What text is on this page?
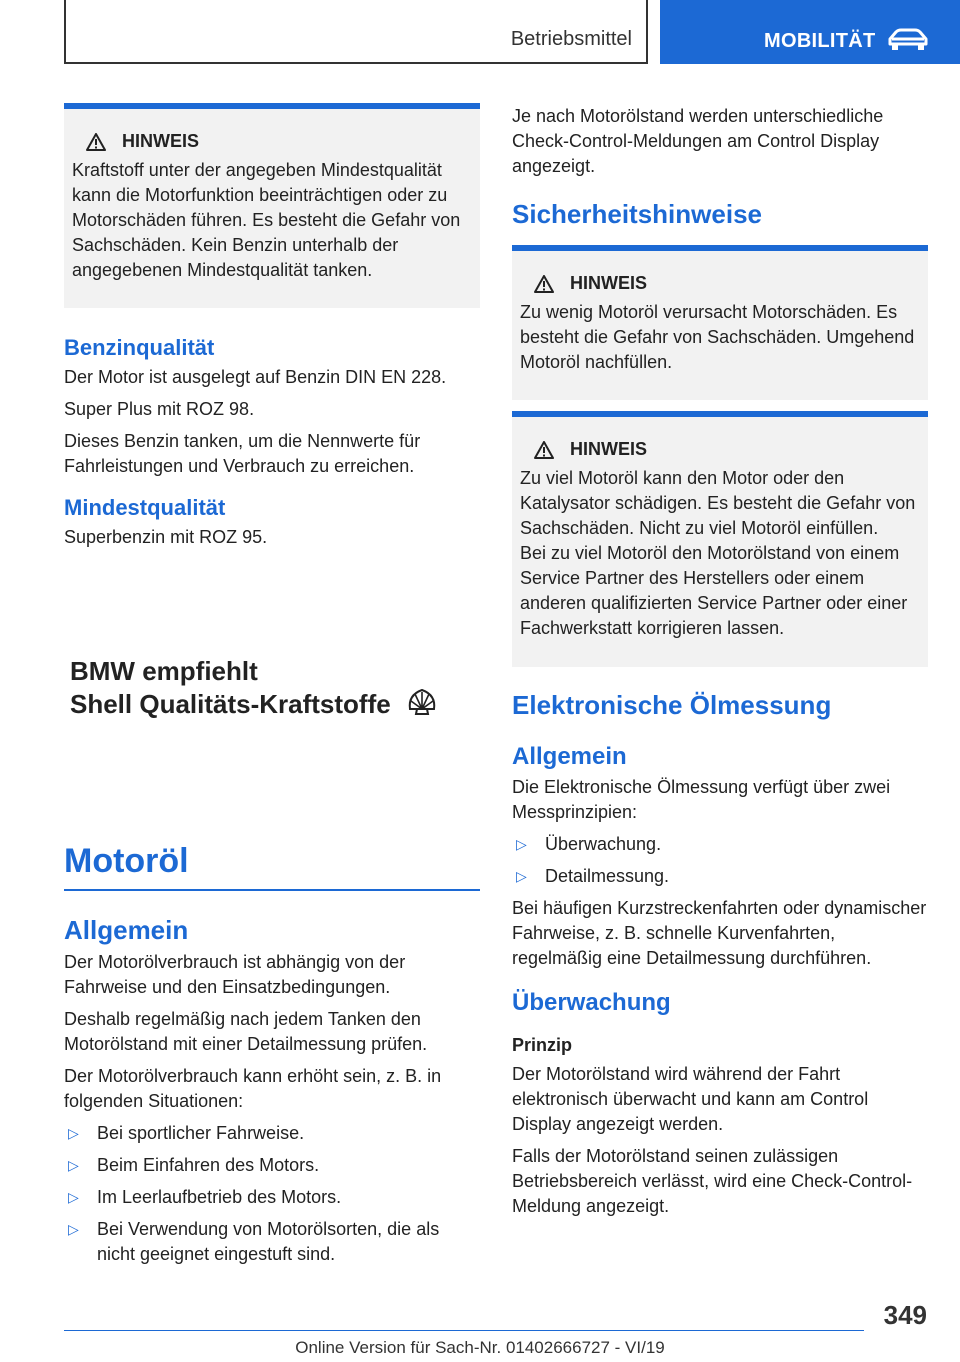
Betriebsmittel	MOBILITÄT
HINWEIS

Kraftstoff unter der angegeben Mindestqualität kann die Motorfunktion beeinträchtigen oder zu Motorschäden führen. Es besteht die Gefahr von Sachschäden. Kein Benzin unterhalb der angegebenen Mindestqualität tanken.

Benzinqualität

Der Motor ist ausgelegt auf Benzin DIN EN 228.

Super Plus mit ROZ 98.

Dieses Benzin tanken, um die Nennwerte für Fahrleistungen und Verbrauch zu erreichen.

Mindestqualität

Superbenzin mit ROZ 95.

BMW empfiehlt
Shell Qualitäts-Kraftstoffe
Motoröl
Allgemein

Der Motorölverbrauch ist abhängig von der Fahrweise und den Einsatzbedingungen.

Deshalb regelmäßig nach jedem Tanken den Motorölstand mit einer Detailmessung prüfen.

Der Motorölverbrauch kann erhöht sein, z. B. in folgenden Situationen:

▷	Bei sportlicher Fahrweise.
▷	Beim Einfahren des Motors.
▷	Im Leerlaufbetrieb des Motors.
▷	Bei Verwendung von Motorölsorten, die als nicht geeignet eingestuft sind.

Je nach Motorölstand werden unterschiedliche Check-Control-Meldungen am Control Display angezeigt.

Sicherheitshinweise
HINWEIS

Zu wenig Motoröl verursacht Motorschäden. Es besteht die Gefahr von Sachschäden. Umgehend Motoröl nachfüllen.

HINWEIS

Zu viel Motoröl kann den Motor oder den Katalysator schädigen. Es besteht die Gefahr von Sachschäden. Nicht zu viel Motoröl einfüllen.

Bei zu viel Motoröl den Motorölstand von einem Service Partner des Herstellers oder einem anderen qualifizierten Service Partner oder einer Fachwerkstatt korrigieren lassen.

Elektronische Ölmessung
Allgemein

Die Elektronische Ölmessung verfügt über zwei Messprinzipien:

▷	Überwachung.
▷	Detailmessung.

Bei häufigen Kurzstreckenfahrten oder dynamischer Fahrweise, z. B. schnelle Kurvenfahrten, regelmäßig eine Detailmessung durchführen.

Überwachung
Prinzip

Der Motorölstand wird während der Fahrt elektronisch überwacht und kann am Control Display angezeigt werden.

Falls der Motorölstand seinen zulässigen Betriebsbereich verlässt, wird eine Check-Control-Meldung angezeigt.

349
Online Version für Sach-Nr. 01402666727 - VI/19
